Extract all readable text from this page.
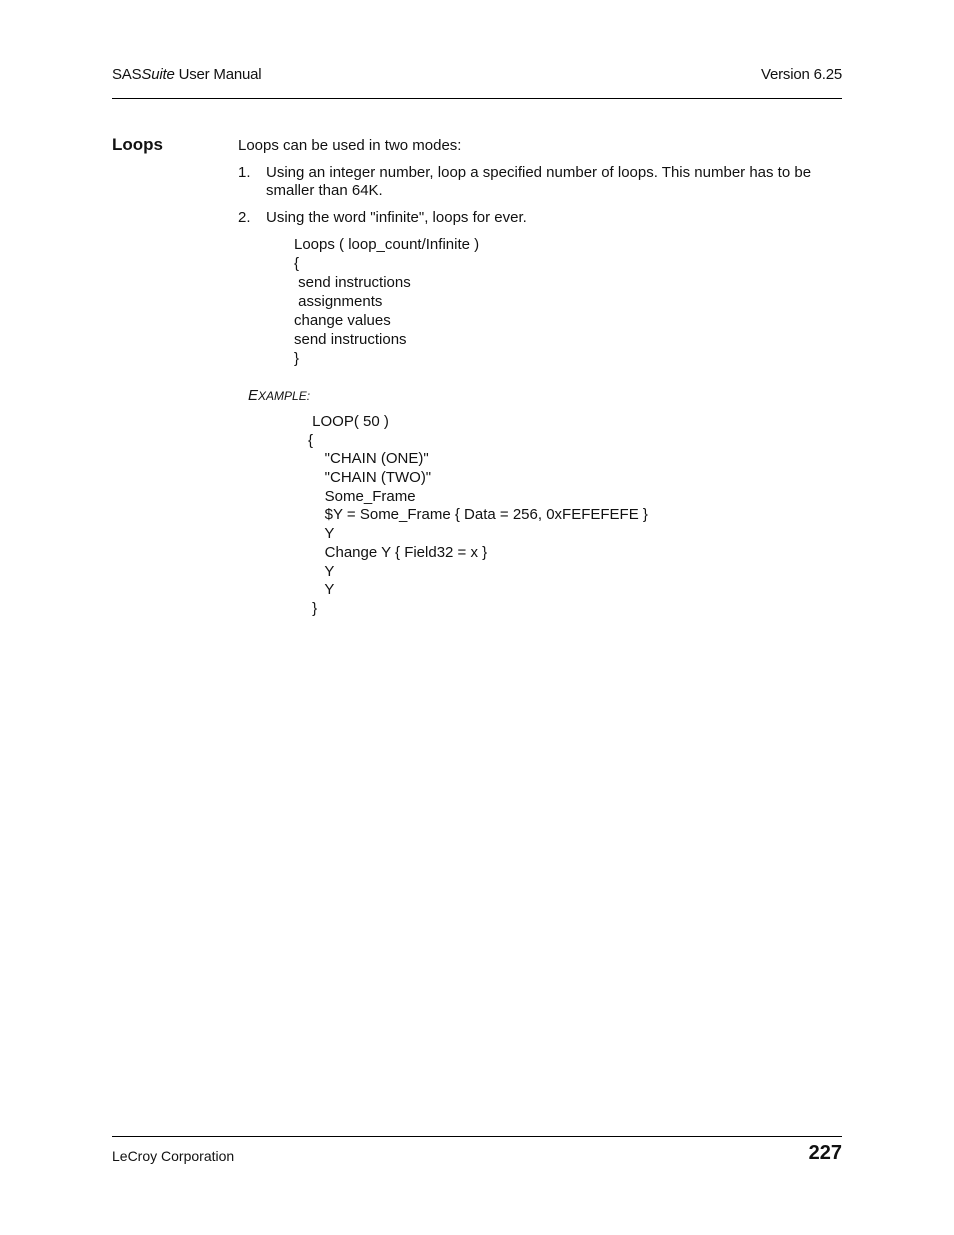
SASSuite User Manual	Version 6.25
Loops	Loops can be used in two modes:

1. Using an integer number, loop a specified number of loops. This number has to be smaller than 64K.
2. Using the word "infinite", loops for ever.
Loops ( loop_count/Infinite )
{
send instructions
assignments
change values
send instructions
}
EXAMPLE:
LOOP( 50 )
{
"CHAIN (ONE)"
"CHAIN (TWO)"
Some_Frame
$Y = Some_Frame { Data = 256, 0xFEFEFEFE }
Y
Change Y { Field32 = x }
Y
Y
}
LeCroy Corporation	227
